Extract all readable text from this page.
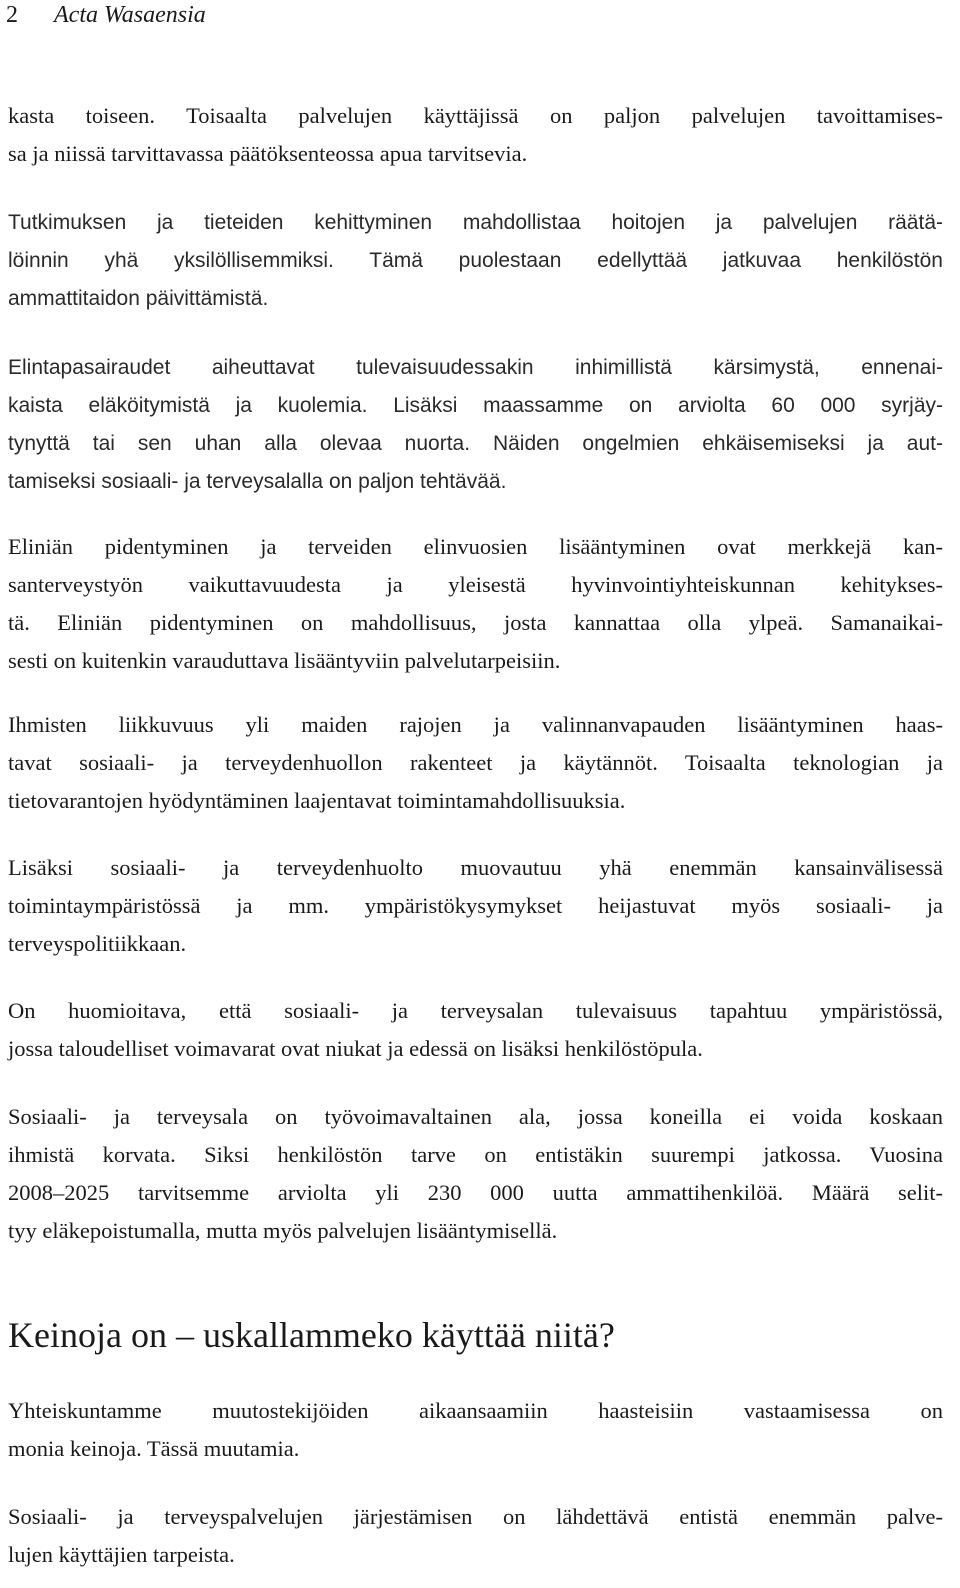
2 Acta Wasaensia

kasta toiseen. Toisaalta palvelujen käyttäjissä on paljon palvelujen tavoittamises-
sa ja niissä tarvittavassa päätöksenteossa apua tarvitsevia.

Tutkimuksen ja tieteiden kehittyminen mahdollistaa hoitojen ja palvelujen räätä-
löinnin yhä yksilöllisemmiksi. Tämä puolestaan edellyttää jatkuvaa henkilöstön
ammattitaidon päivittämistä.

Elintapasairaudet aiheuttavat tulevaisuudessakin inhimillistä kärsimystä, ennenai-
kaista eläköitymistä ja kuolemia. Lisäksi maassamme on arviolta 60 000 syrjäy-
tynyttä tai sen uhan alla olevaa nuorta. Näiden ongelmien ehkäisemiseksi ja aut-
tamiseksi sosiaali- ja terveysalalla on paljon tehtävää.

Eliniän pidentyminen ja terveiden elinvuosien lisääntyminen ovat merkkejä kan-
santerveystyön vaikuttavuudesta ja yleisestä hyvinvointiyhteiskunnan kehitykses-
tä. Eliniän pidentyminen on mahdollisuus, josta kannattaa olla ylpeä. Samanaikai-
sesti on kuitenkin varauduttava lisääntyviin palvelutarpeisiin.

Ihmisten liikkuvuus yli maiden rajojen ja valinnanvapauden lisääntyminen haas-
tavat sosiaali- ja terveydenhuollon rakenteet ja käytännöt. Toisaalta teknologian ja
tietovarantojen hyödyntäminen laajentavat toimintamahdollisuuksia.

Lisäksi sosiaali- ja terveydenhuolto muovautuu yhä enemmän kansainvälisessä
toimintaympäristössä ja mm. ympäristökysymykset heijastuvat myös sosiaali- ja
terveyspolitiikkaan.

On huomioitava, että sosiaali- ja terveysalan tulevaisuus tapahtuu ympäristössä,
jossa taloudelliset voimavarat ovat niukat ja edessä on lisäksi henkilöstöpula.

Sosiaali- ja terveysala on työvoimavaltainen ala, jossa koneilla ei voida koskaan
ihmistä korvata. Siksi henkilöstön tarve on entistäkin suurempi jatkossa. Vuosina
2008–2025 tarvitsemme arviolta yli 230 000 uutta ammattihenkilöä. Määrä selit-
tyy eläkepoistumalla, mutta myös palvelujen lisääntymisellä.

Keinoja on – uskallammeko käyttää niitä?

Yhteiskuntamme muutostekijöiden aikaansaamiin haasteisiin vastaamisessa on
monia keinoja. Tässä muutamia.

Sosiaali- ja terveyspalvelujen järjestämisen on lähdettävä entistä enemmän palve-
lujen käyttäjien tarpeista.
